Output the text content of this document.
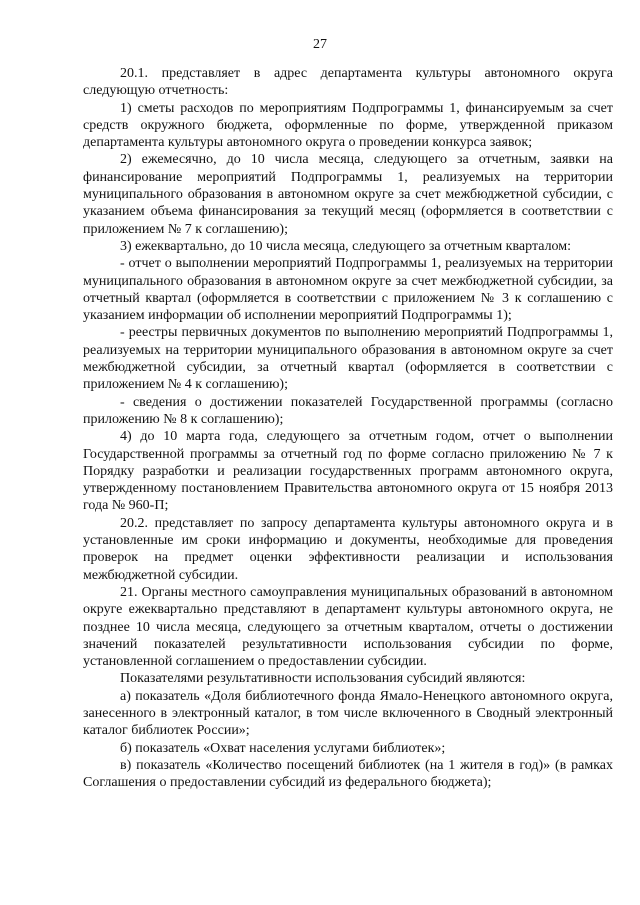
27

20.1. представляет в адрес департамента культуры автономного округа следующую отчетность:

1) сметы расходов по мероприятиям Подпрограммы 1, финансируемым за счет средств окружного бюджета, оформленные по форме, утвержденной приказом департамента культуры автономного округа о проведении конкурса заявок;

2) ежемесячно, до 10 числа месяца, следующего за отчетным, заявки на финансирование мероприятий Подпрограммы 1, реализуемых на территории муниципального образования в автономном округе за счет межбюджетной субсидии, с указанием объема финансирования за текущий месяц (оформляется в соответствии с приложением № 7 к соглашению);

3) ежеквартально, до 10 числа месяца, следующего за отчетным кварталом:

- отчет о выполнении мероприятий Подпрограммы 1, реализуемых на территории муниципального образования в автономном округе за счет межбюджетной субсидии, за отчетный квартал (оформляется в соответствии с приложением № 3 к соглашению с указанием информации об исполнении мероприятий Подпрограммы 1);

- реестры первичных документов по выполнению мероприятий Подпрограммы 1, реализуемых на территории муниципального образования в автономном округе за счет межбюджетной субсидии, за отчетный квартал (оформляется в соответствии с приложением № 4 к соглашению);

- сведения о достижении показателей Государственной программы (согласно приложению № 8 к соглашению);

4) до 10 марта года, следующего за отчетным годом, отчет о выполнении Государственной программы за отчетный год по форме согласно приложению № 7 к Порядку разработки и реализации государственных программ автономного округа, утвержденному постановлением Правительства автономного округа от 15 ноября 2013 года № 960-П;

20.2. представляет по запросу департамента культуры автономного округа и в установленные им сроки информацию и документы, необходимые для проведения проверок на предмет оценки эффективности реализации и использования межбюджетной субсидии.

21. Органы местного самоуправления муниципальных образований в автономном округе ежеквартально представляют в департамент культуры автономного округа, не позднее 10 числа месяца, следующего за отчетным кварталом, отчеты о достижении значений показателей результативности использования субсидии по форме, установленной соглашением о предоставлении субсидии.

Показателями результативности использования субсидий являются:

а) показатель «Доля библиотечного фонда Ямало-Ненецкого автономного округа, занесенного в электронный каталог, в том числе включенного в Сводный электронный каталог библиотек России»;

б) показатель «Охват населения услугами библиотек»;

в) показатель «Количество посещений библиотек (на 1 жителя в год)» (в рамках Соглашения о предоставлении субсидий из федерального бюджета);
